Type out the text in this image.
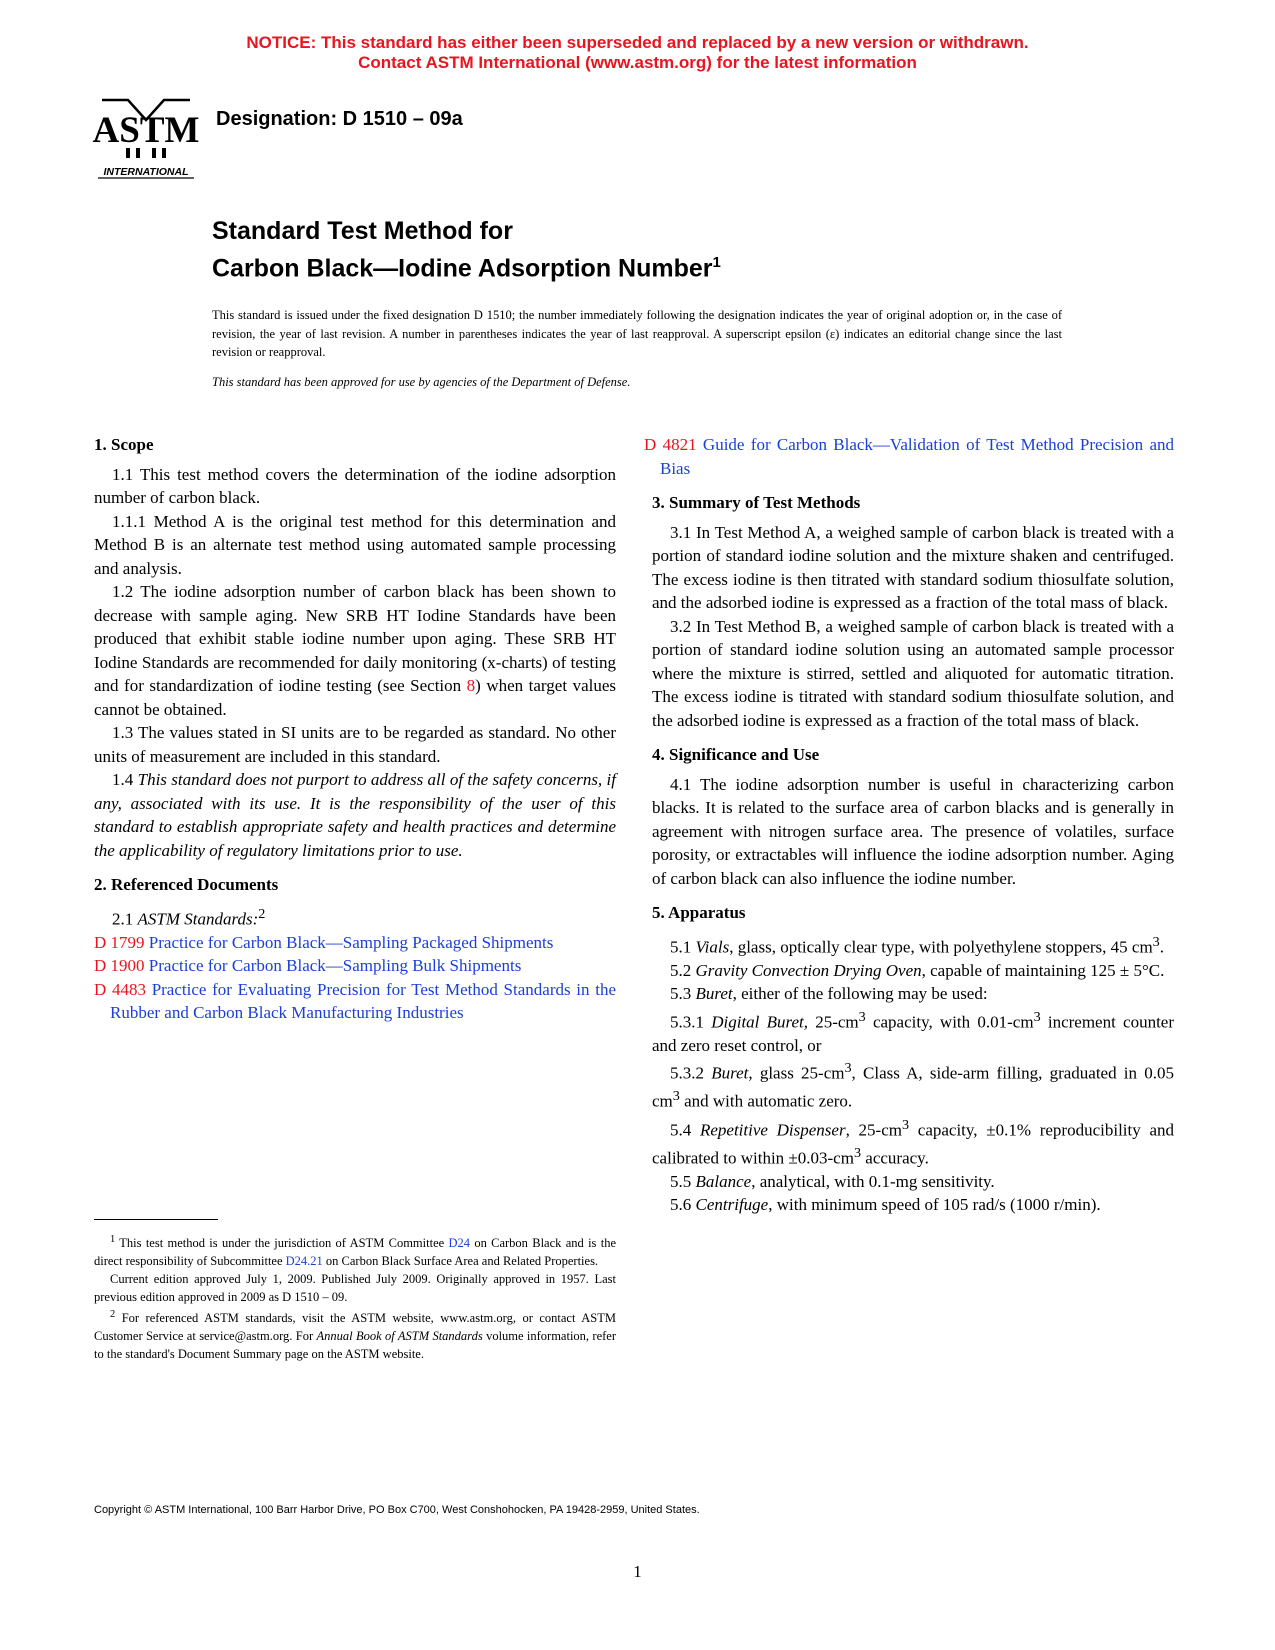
NOTICE: This standard has either been superseded and replaced by a new version or withdrawn.
Contact ASTM International (www.astm.org) for the latest information
ASTM
INTERNATIONAL
Designation: D 1510 – 09a
Standard Test Method for
Carbon Black—Iodine Adsorption Number$^1$
This standard is issued under the fixed designation D 1510; the number immediately following the designation indicates the year of original adoption or, in the case of revision, the year of last revision. A number in parentheses indicates the year of last reapproval. A superscript epsilon (ε) indicates an editorial change since the last revision or reapproval.
This standard has been approved for use by agencies of the Department of Defense.
1. Scope

1.1 This test method covers the determination of the iodine adsorption number of carbon black.

1.1.1 Method A is the original test method for this determination and Method B is an alternate test method using automated sample processing and analysis.

1.2 The iodine adsorption number of carbon black has been shown to decrease with sample aging. New SRB HT Iodine Standards have been produced that exhibit stable iodine number upon aging. These SRB HT Iodine Standards are recommended for daily monitoring (x-charts) of testing and for standardization of iodine testing (see Section 8) when target values cannot be obtained.

1.3 The values stated in SI units are to be regarded as standard. No other units of measurement are included in this standard.

1.4 This standard does not purport to address all of the safety concerns, if any, associated with its use. It is the responsibility of the user of this standard to establish appropriate safety and health practices and determine the applicability of regulatory limitations prior to use.

2. Referenced Documents

2.1 ASTM Standards:$^2$

D 1799 Practice for Carbon Black—Sampling Packaged Shipments
D 1900 Practice for Carbon Black—Sampling Bulk Shipments
D 4483 Practice for Evaluating Precision for Test Method Standards in the Rubber and Carbon Black Manufacturing Industries
D 4821 Guide for Carbon Black—Validation of Test Method Precision and Bias
3. Summary of Test Methods

3.1 In Test Method A, a weighed sample of carbon black is treated with a portion of standard iodine solution and the mixture shaken and centrifuged. The excess iodine is then titrated with standard sodium thiosulfate solution, and the adsorbed iodine is expressed as a fraction of the total mass of black.

3.2 In Test Method B, a weighed sample of carbon black is treated with a portion of standard iodine solution using an automated sample processor where the mixture is stirred, settled and aliquoted for automatic titration. The excess iodine is titrated with standard sodium thiosulfate solution, and the adsorbed iodine is expressed as a fraction of the total mass of black.

4. Significance and Use

4.1 The iodine adsorption number is useful in characterizing carbon blacks. It is related to the surface area of carbon blacks and is generally in agreement with nitrogen surface area. The presence of volatiles, surface porosity, or extractables will influence the iodine adsorption number. Aging of carbon black can also influence the iodine number.

5. Apparatus

5.1 Vials, glass, optically clear type, with polyethylene stoppers, 45 $cm^3$.

5.2 Gravity Convection Drying Oven, capable of maintaining 125 ± 5°C.

5.3 Buret, either of the following may be used:

5.3.1 Digital Buret, $25-cm^3$ capacity, with $0.01-cm^3$ increment counter and zero reset control, or

5.3.2 Buret, glass $25-cm^3$, Class A, side-arm filling, graduated in 0.05 $cm^3$ and with automatic zero.

5.4 Repetitive Dispenser, $25-cm^3$ capacity, ±0.1% reproducibility and calibrated to within $\pm 0.03-cm^3$ accuracy.

5.5 Balance, analytical, with 0.1-mg sensitivity.

5.6 Centrifuge, with minimum speed of 105 rad/s (1000 r/min).

$^1$ This test method is under the jurisdiction of ASTM Committee D24 on Carbon Black and is the direct responsibility of Subcommittee D24.21 on Carbon Black Surface Area and Related Properties.

Current edition approved July 1, 2009. Published July 2009. Originally approved in 1957. Last previous edition approved in 2009 as D 1510 – 09.

$^2$ For referenced ASTM standards, visit the ASTM website, www.astm.org, or contact ASTM Customer Service at service@astm.org. For Annual Book of ASTM Standards volume information, refer to the standard's Document Summary page on the ASTM website.

Copyright © ASTM International, 100 Barr Harbor Drive, PO Box C700, West Conshohocken, PA 19428-2959, United States.
1
